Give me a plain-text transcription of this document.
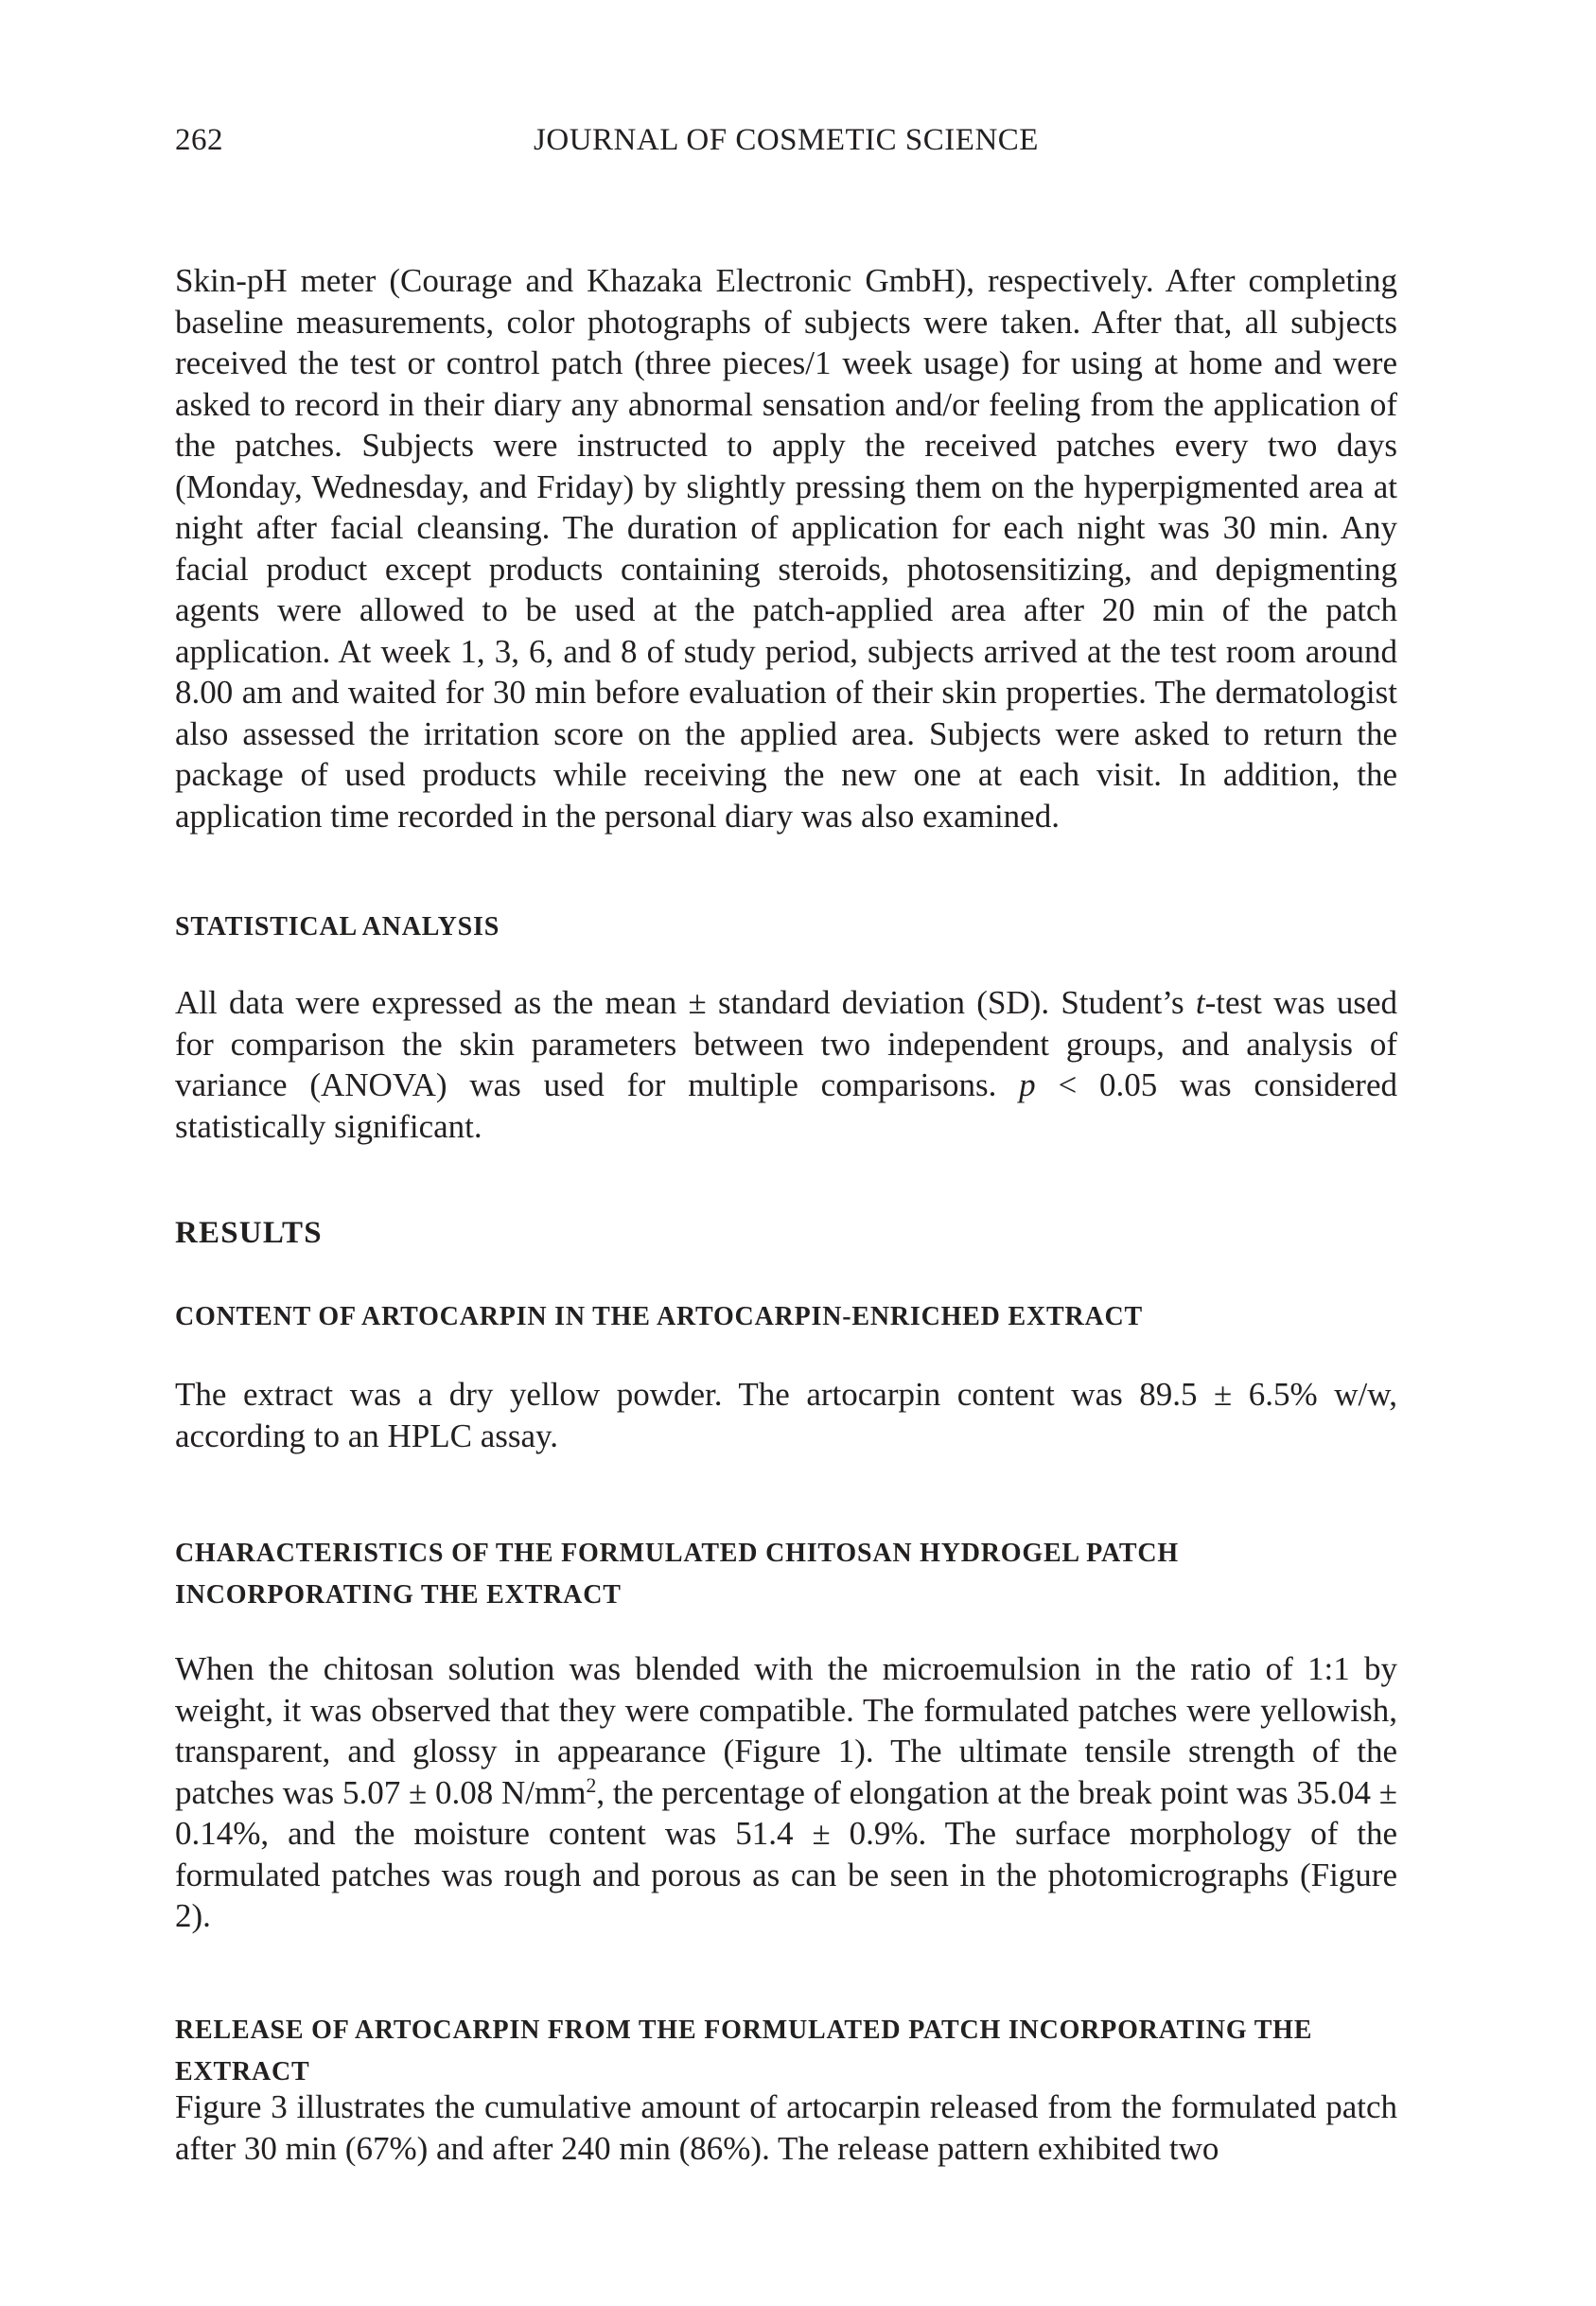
262	JOURNAL OF COSMETIC SCIENCE

Skin-pH meter (Courage and Khazaka Electronic GmbH), respectively. After completing baseline measurements, color photographs of subjects were taken. After that, all subjects received the test or control patch (three pieces/1 week usage) for using at home and were asked to record in their diary any abnormal sensation and/or feeling from the application of the patches. Subjects were instructed to apply the received patches every two days (Monday, Wednesday, and Friday) by slightly pressing them on the hyperpigmented area at night after facial cleansing. The duration of application for each night was 30 min. Any facial product except products containing steroids, photosensitizing, and depigmenting agents were allowed to be used at the patch-applied area after 20 min of the patch application. At week 1, 3, 6, and 8 of study period, subjects arrived at the test room around 8.00 am and waited for 30 min before evaluation of their skin properties. The dermatologist also assessed the irritation score on the applied area. Subjects were asked to return the package of used products while receiving the new one at each visit. In addition, the application time recorded in the personal diary was also examined.

STATISTICAL ANALYSIS

All data were expressed as the mean ± standard deviation (SD). Student’s t-test was used for comparison the skin parameters between two independent groups, and analysis of variance (ANOVA) was used for multiple comparisons. p < 0.05 was considered statistically significant.

RESULTS
CONTENT OF ARTOCARPIN IN THE ARTOCARPIN-ENRICHED EXTRACT

The extract was a dry yellow powder. The artocarpin content was 89.5 ± 6.5% w/w, according to an HPLC assay.

CHARACTERISTICS OF THE FORMULATED CHITOSAN HYDROGEL PATCH INCORPORATING THE EXTRACT

When the chitosan solution was blended with the microemulsion in the ratio of 1:1 by weight, it was observed that they were compatible. The formulated patches were yellowish, transparent, and glossy in appearance (Figure 1). The ultimate tensile strength of the patches was 5.07 ± 0.08 $N/mm^2$, the percentage of elongation at the break point was 35.04 ± 0.14%, and the moisture content was 51.4 ± 0.9%. The surface morphology of the formulated patches was rough and porous as can be seen in the photomicrographs (Figure 2).

RELEASE OF ARTOCARPIN FROM THE FORMULATED PATCH INCORPORATING THE EXTRACT

Figure 3 illustrates the cumulative amount of artocarpin released from the formulated patch after 30 min (67%) and after 240 min (86%). The release pattern exhibited two
